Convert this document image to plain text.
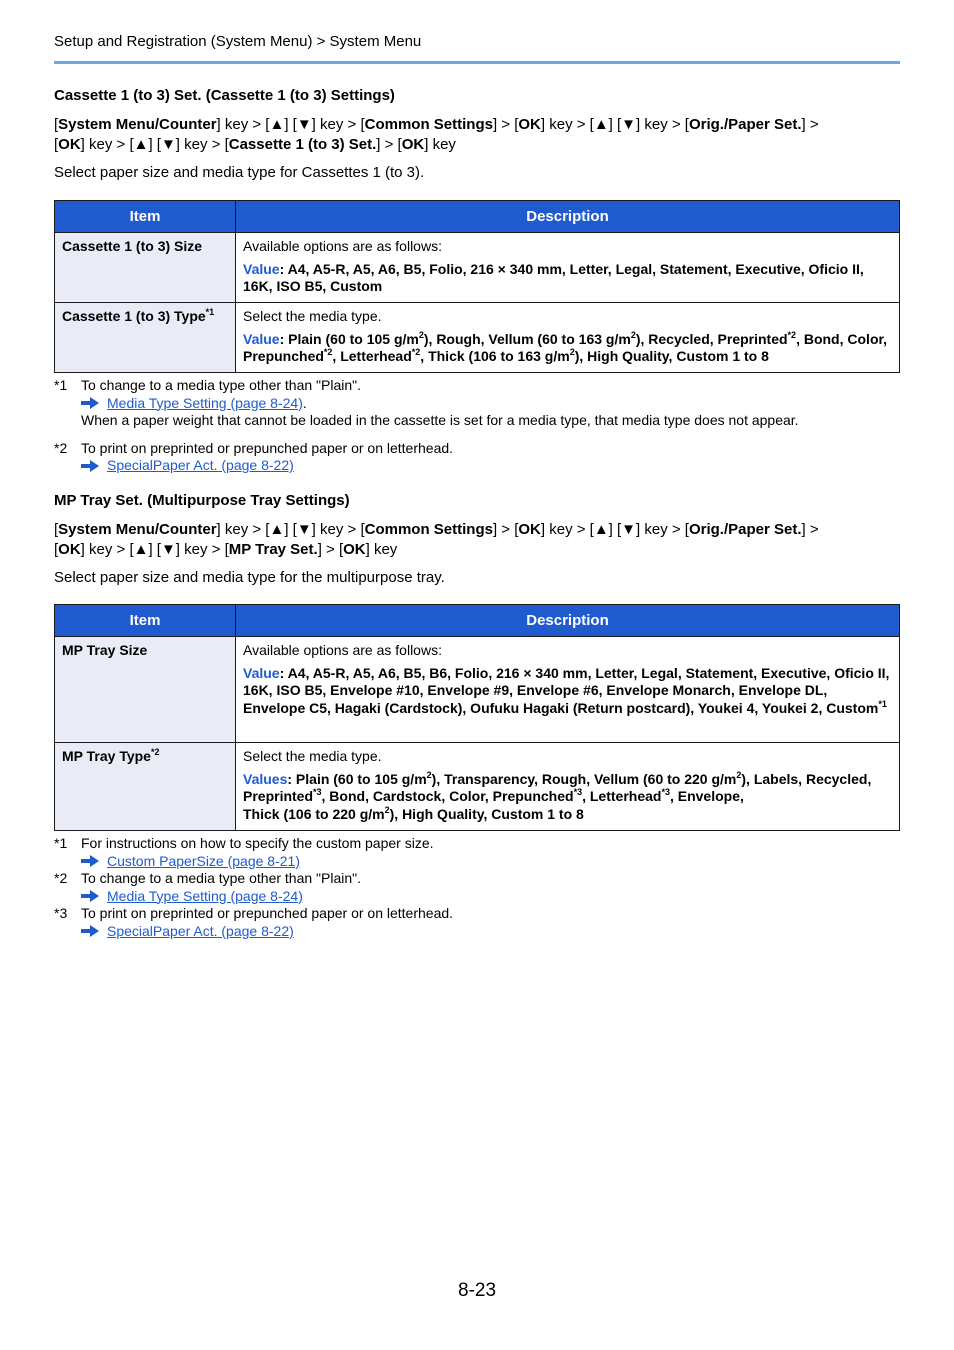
Setup and Registration (System Menu) > System Menu
Cassette 1 (to 3) Set. (Cassette 1 (to 3) Settings)
[System Menu/Counter] key > [▲] [▼] key > [Common Settings] > [OK] key > [▲] [▼] key > [Orig./Paper Set.] >
[OK] key > [▲] [▼] key > [Cassette 1 (to 3) Set.] > [OK] key
Select paper size and media type for Cassettes 1 (to 3).
Item	Description
Cassette 1 (to 3) Size	Available options are as follows:
Value: A4, A5-R, A5, A6, B5, Folio, 216 × 340 mm, Letter, Legal, Statement, Executive, Oficio II, 16K, ISO B5, Custom

Cassette 1 (to 3) Type$^{*1}$	Select the media type.
Value: Plain (60 to 105 $g/m^2$), Rough, Vellum (60 to 163 $g/m^2$), Recycled, Preprinted$^{*2}$, Bond, Color, Prepunched$^{*2}$, Letterhead$^{*2}$, Thick (106 to 163 $g/m^2$), High Quality, Custom 1 to 8
*1 To change to a media type other than "Plain".
Media Type Setting (page 8-24) .
When a paper weight that cannot be loaded in the cassette is set for a media type, that media type does not appear.
*2 To print on preprinted or prepunched paper or on letterhead.
SpecialPaper Act. (page 8-22)
MP Tray Set. (Multipurpose Tray Settings)
[System Menu/Counter] key > [▲] [▼] key > [Common Settings] > [OK] key > [▲] [▼] key > [Orig./Paper Set.] >
[OK] key > [▲] [▼] key > [MP Tray Set.] > [OK] key
Select paper size and media type for the multipurpose tray.
Item	Description
MP Tray Size	Available options are as follows:
Value: A4, A5-R, A5, A6, B5, B6, Folio, 216 × 340 mm, Letter, Legal, Statement, Executive, Oficio II, 16K, ISO B5, Envelope #10, Envelope #9, Envelope #6, Envelope Monarch, Envelope DL, Envelope C5, Hagaki (Cardstock), Oufuku Hagaki (Return postcard), Youkei 4, Youkei 2, Custom$^{*1}$

MP Tray Type$^{*2}$	Select the media type.
Values: Plain (60 to 105 $g/m^2$), Transparency, Rough, Vellum (60 to 220 $g/m^2$), Labels, Recycled, Preprinted$^{*3}$, Bond, Cardstock, Color, Prepunched$^{*3}$, Letterhead$^{*3}$, Envelope,
Thick (106 to 220 $g/m^2$), High Quality, Custom 1 to 8
*1 For instructions on how to specify the custom paper size.
Custom PaperSize (page 8-21)
*2 To change to a media type other than "Plain".
Media Type Setting (page 8-24)
*3 To print on preprinted or prepunched paper or on letterhead.
SpecialPaper Act. (page 8-22)
8-23
